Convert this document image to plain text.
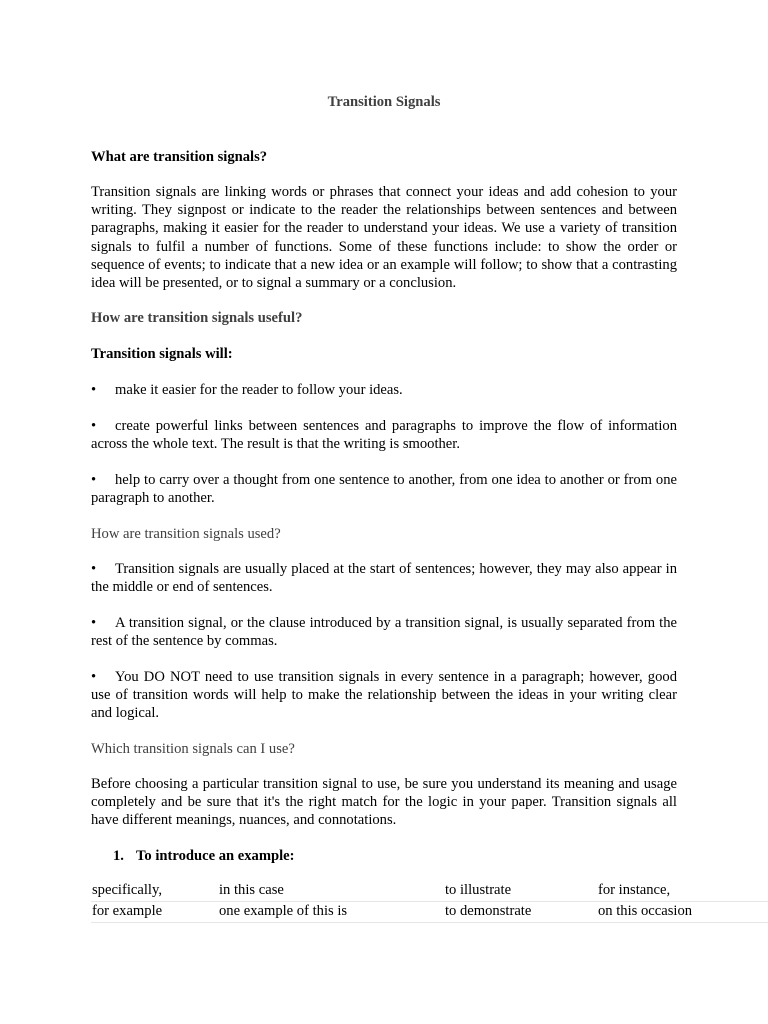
Transition Signals

What are transition signals?

Transition signals are linking words or phrases that connect your ideas and add cohesion to your writing. They signpost or indicate to the reader the relationships between sentences and between paragraphs, making it easier for the reader to understand your ideas. We use a variety of transition signals to fulfil a number of functions. Some of these functions include: to show the order or sequence of events; to indicate that a new idea or an example will follow; to show that a contrasting idea will be presented, or to signal a summary or a conclusion.

How are transition signals useful?

Transition signals will:

• make it easier for the reader to follow your ideas.

• create powerful links between sentences and paragraphs to improve the flow of information across the whole text. The result is that the writing is smoother.

• help to carry over a thought from one sentence to another, from one idea to another or from one paragraph to another.

How are transition signals used?

• Transition signals are usually placed at the start of sentences; however, they may also appear in the middle or end of sentences.

• A transition signal, or the clause introduced by a transition signal, is usually separated from the rest of the sentence by commas.

• You DO NOT need to use transition signals in every sentence in a paragraph; however, good use of transition words will help to make the relationship between the ideas in your writing clear and logical.

Which transition signals can I use?

Before choosing a particular transition signal to use, be sure you understand its meaning and usage completely and be sure that it's the right match for the logic in your paper. Transition signals all have different meanings, nuances, and connotations.

1. To introduce an example:
specifically,	in this case	to illustrate	for instance,
for example	one example of this is	to demonstrate	on this occasion
